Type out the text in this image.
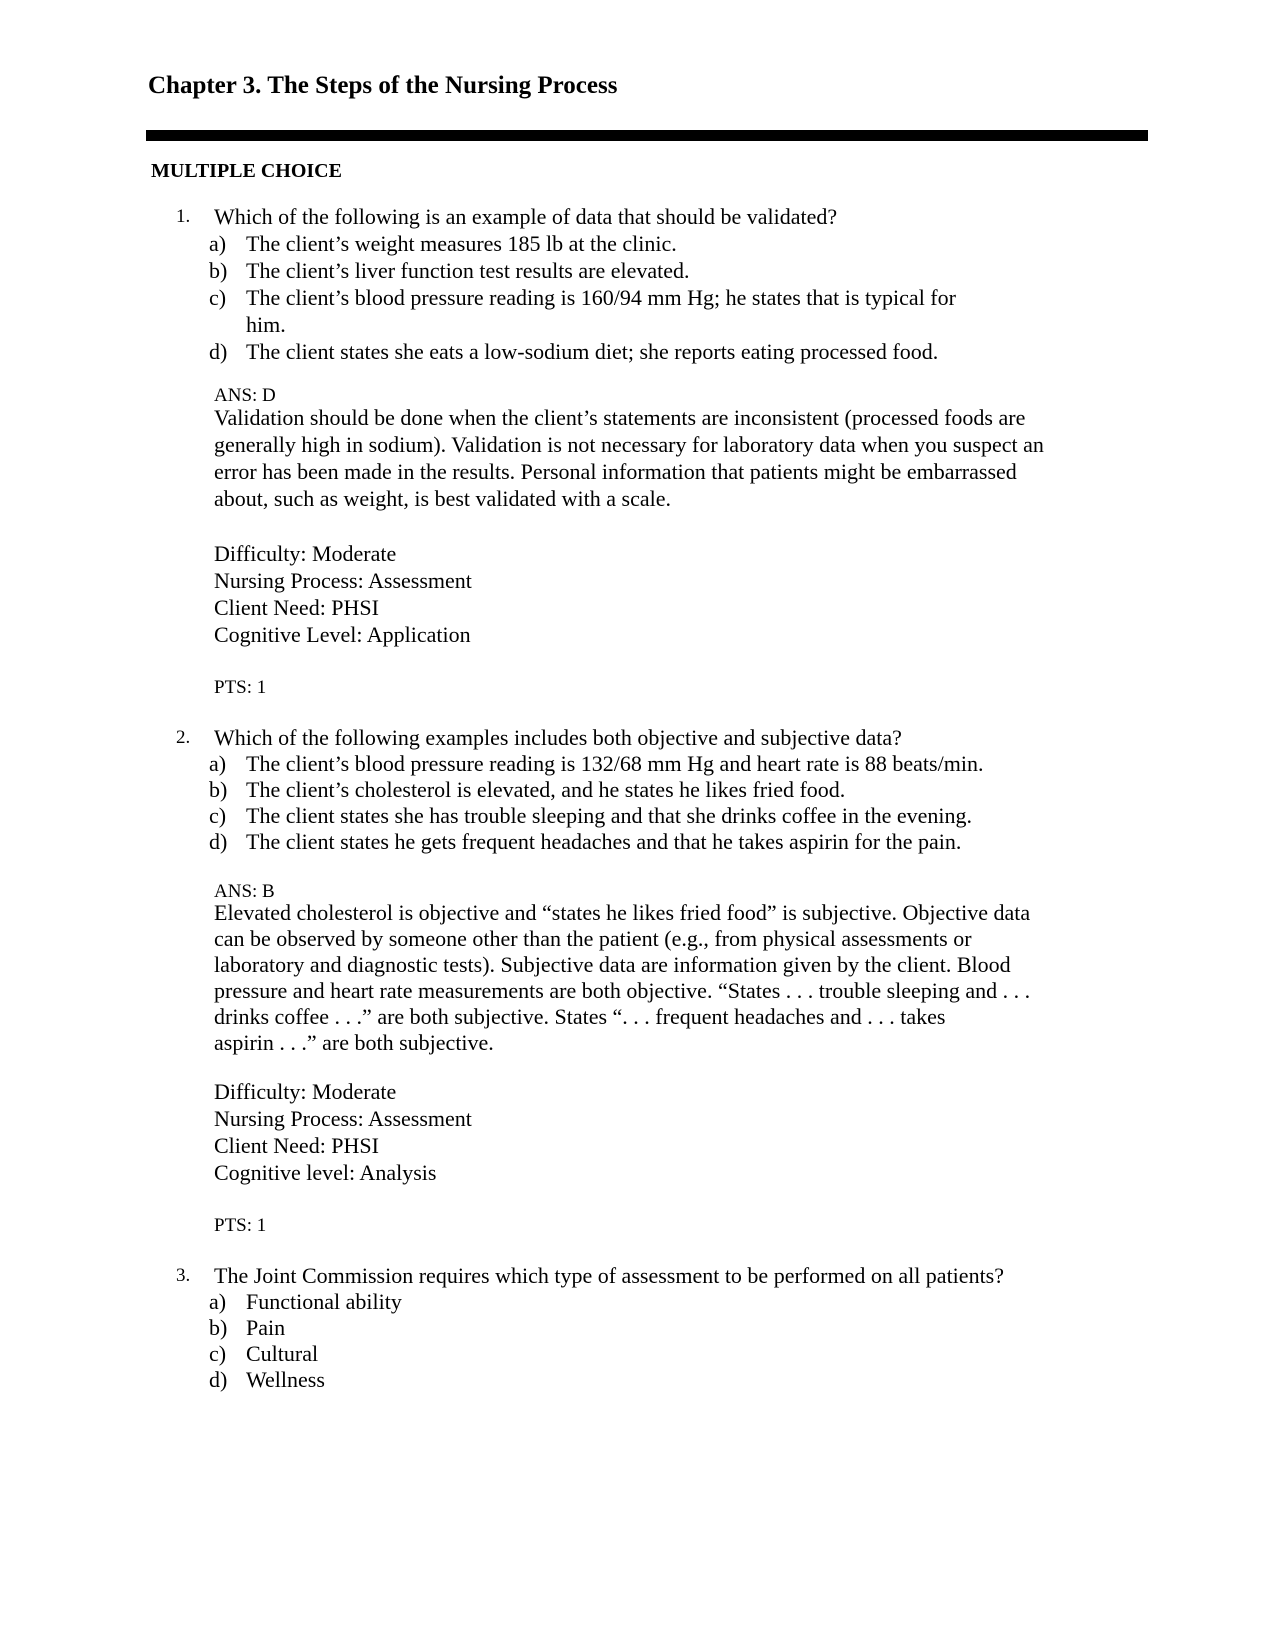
Chapter 3. The Steps of the Nursing Process
MULTIPLE CHOICE
1. Which of the following is an example of data that should be validated?
a) The client’s weight measures 185 lb at the clinic.
b) The client’s liver function test results are elevated.
c) The client’s blood pressure reading is 160/94 mm Hg; he states that is typical for
him.
d) The client states she eats a low-sodium diet; she reports eating processed food.
ANS: D
Validation should be done when the client’s statements are inconsistent (processed foods are
generally high in sodium). Validation is not necessary for laboratory data when you suspect an
error has been made in the results. Personal information that patients might be embarrassed
about, such as weight, is best validated with a scale.
Difficulty: Moderate
Nursing Process: Assessment
Client Need: PHSI
Cognitive Level: Application
PTS: 1
2. Which of the following examples includes both objective and subjective data?
a) The client’s blood pressure reading is 132/68 mm Hg and heart rate is 88 beats/min.
b) The client’s cholesterol is elevated, and he states he likes fried food.
c) The client states she has trouble sleeping and that she drinks coffee in the evening.
d) The client states he gets frequent headaches and that he takes aspirin for the pain.
ANS: B
Elevated cholesterol is objective and “states he likes fried food” is subjective. Objective data
can be observed by someone other than the patient (e.g., from physical assessments or
laboratory and diagnostic tests). Subjective data are information given by the client. Blood
pressure and heart rate measurements are both objective. “States . . . trouble sleeping and . . .
drinks coffee . . .” are both subjective. States “. . . frequent headaches and . . . takes
aspirin . . .” are both subjective.
Difficulty: Moderate
Nursing Process: Assessment
Client Need: PHSI
Cognitive level: Analysis
PTS: 1
3. The Joint Commission requires which type of assessment to be performed on all patients?
a) Functional ability
b) Pain
c) Cultural
d) Wellness
